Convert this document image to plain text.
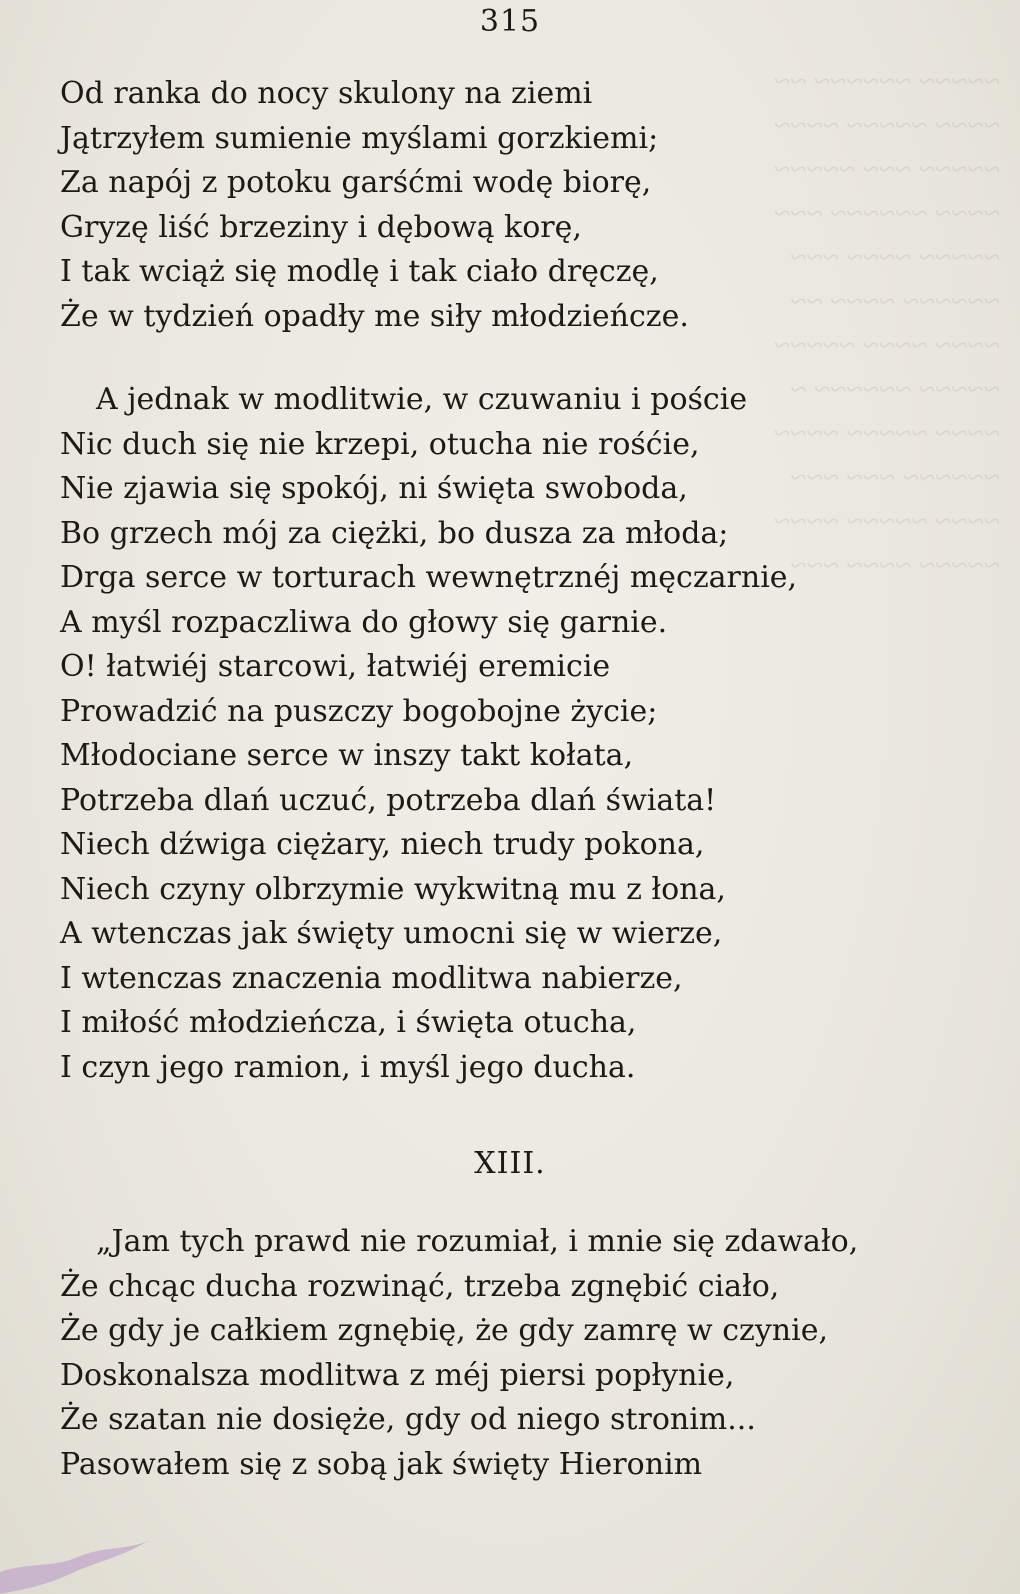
~~~~~ ~~~~~~ ~~
~~~~ ~~~~~ ~~~~
~~~~~ ~~~ ~~~~~
~~~~ ~~~~~~ ~~~
~~~~~ ~~~~ ~~~
~~~~~~ ~~~~ ~~
~~~~ ~~~~ ~~~~~
~~~~~ ~~~~~~ ~
~~~~ ~~~~~ ~~~~
~~~~~~ ~~~ ~~~
~~~~ ~~~~~ ~~~~
~~~~~ ~~~~ ~~~
315
Od ranka do nocy skulony na ziemi
Jątrzyłem sumienie myślami gorzkiemi;
Za napój z potoku garśćmi wodę biorę,
Gryzę liść brzeziny i dębową korę,
I tak wciąż się modlę i tak ciało dręczę,
Że w tydzień opadły me siły młodzieńcze.
A jednak w modlitwie, w czuwaniu i poście
Nic duch się nie krzepi, otucha nie rośćie,
Nie zjawia się spokój, ni święta swoboda,
Bo grzech mój za ciężki, bo dusza za młoda;
Drga serce w torturach wewnętrznéj męczarnie,
A myśl rozpaczliwa do głowy się garnie.
O! łatwiéj starcowi, łatwiéj eremicie
Prowadzić na puszczy bogobojne życie;
Młodociane serce w inszy takt kołata,
Potrzeba dlań uczuć, potrzeba dlań świata!
Niech dźwiga ciężary, niech trudy pokona,
Niech czyny olbrzymie wykwitną mu z łona,
A wtenczas jak święty umocni się w wierze,
I wtenczas znaczenia modlitwa nabierze,
I miłość młodzieńcza, i święta otucha,
I czyn jego ramion, i myśl jego ducha.
XIII.
„Jam tych prawd nie rozumiał, i mnie się zdawało,
Że chcąc ducha rozwinąć, trzeba zgnębić ciało,
Że gdy je całkiem zgnębię, że gdy zamrę w czynie,
Doskonalsza modlitwa z méj piersi popłynie,
Że szatan nie dosięże, gdy od niego stronim...
Pasowałem się z sobą jak święty Hieronim
